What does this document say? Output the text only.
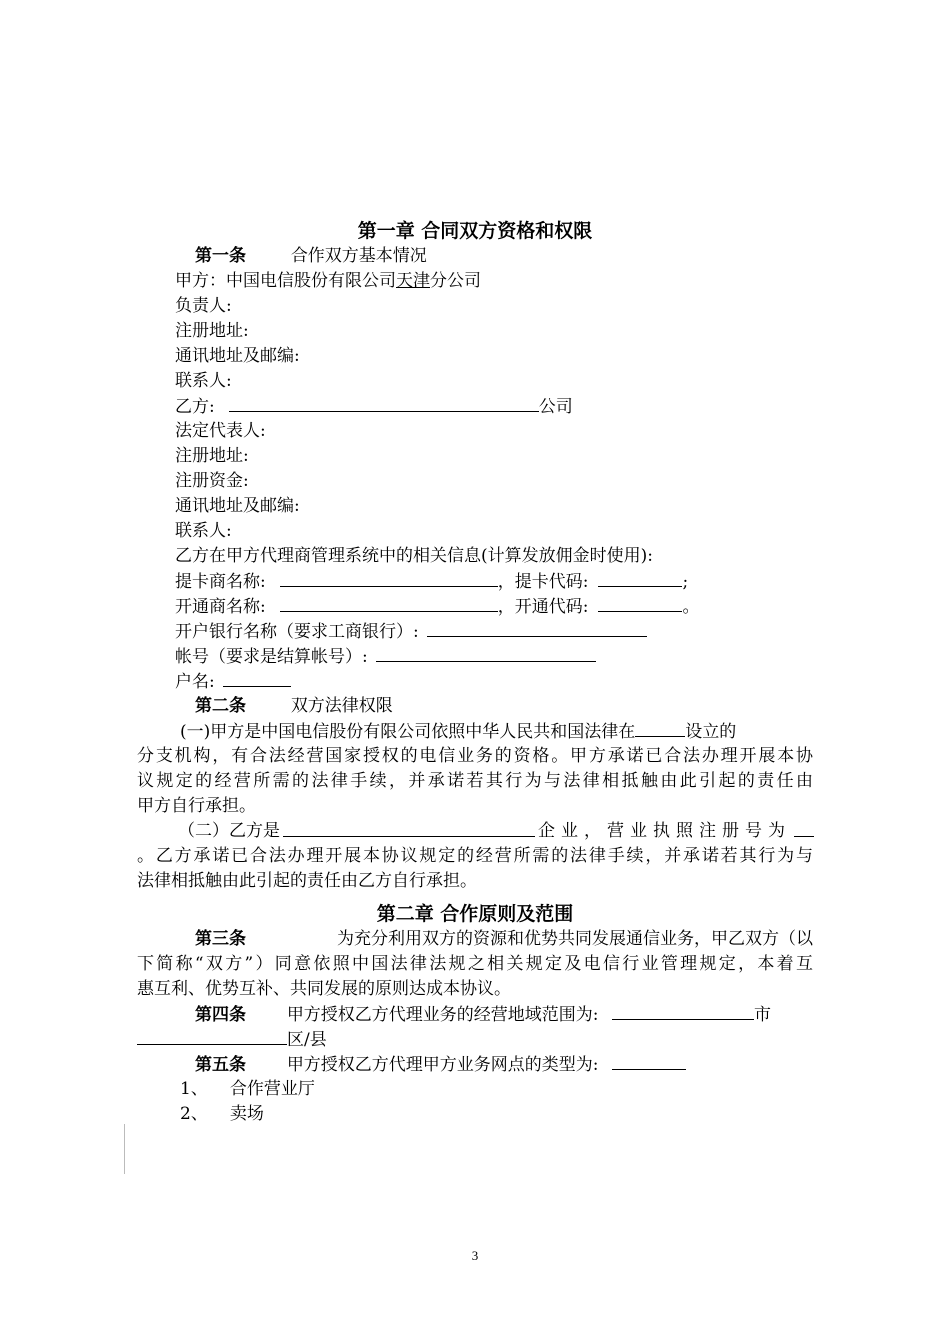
第一章 合同双方资格和权限
第一条	合作双方基本情况
甲方：中国电信股份有限公司天津分公司
负责人:
注册地址:
通讯地址及邮编:
联系人:
乙方:	公司
法定代表人:
注册地址:
注册资金:
通讯地址及邮编:
联系人:
乙方在甲方代理商管理系统中的相关信息(计算发放佣金时使用):
提卡商名称:	，提卡代码:	;
开通商名称:	，开通代码:	。
开户银行名称（要求工商银行）:
帐号（要求是结算帐号）:
户名:
第二条	双方法律权限
(一)甲方是中国电信股份有限公司依照中华人民共和国法律在	设立的
分支机构，有合法经营国家授权的电信业务的资格。甲方承诺已合法办理开展本协
议规定的经营所需的法律手续，并承诺若其行为与法律相抵触由此引起的责任由
甲方自行承担。
（二）乙方是	企业，营业执照注册号为
。乙方承诺已合法办理开展本协议规定的经营所需的法律手续，并承诺若其行为与
法律相抵触由此引起的责任由乙方自行承担。
第二章 合作原则及范围
第三条	为充分利用双方的资源和优势共同发展通信业务，甲乙双方（以
下简称“双方”）同意依照中国法律法规之相关规定及电信行业管理规定，本着互
惠互利、优势互补、共同发展的原则达成本协议。
第四条 甲方授权乙方代理业务的经营地域范围为:	市
区/县
第五条 甲方授权乙方代理甲方业务网点的类型为:
1、 合作营业厅
2、 卖场
3
